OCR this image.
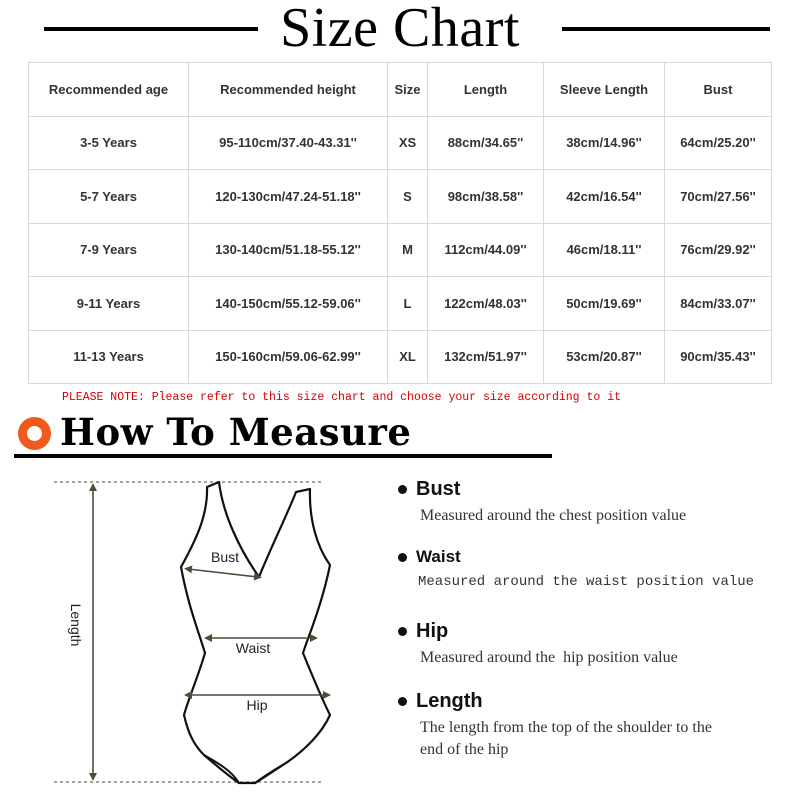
Size Chart
Recommended age	Recommended height	Size	Length	Sleeve Length	Bust
3-5 Years	95-110cm/37.40-43.31''	XS	88cm/34.65''	38cm/14.96''	64cm/25.20''
5-7 Years	120-130cm/47.24-51.18''	S	98cm/38.58''	42cm/16.54''	70cm/27.56''
7-9 Years	130-140cm/51.18-55.12''	M	112cm/44.09''	46cm/18.11''	76cm/29.92''
9-11 Years	140-150cm/55.12-59.06''	L	122cm/48.03''	50cm/19.69''	84cm/33.07''
11-13 Years	150-160cm/59.06-62.99''	XL	132cm/51.97''	53cm/20.87''	90cm/35.43''
PLEASE NOTE: Please refer to this size chart and choose your size according to it
How To Measure
Length
Bust
Waist
Hip
Bust
Measured around the chest position value
Waist
Measured around the waist position value
Hip
Measured around the  hip position value
Length
The length from the top of the shoulder to the end of the hip
